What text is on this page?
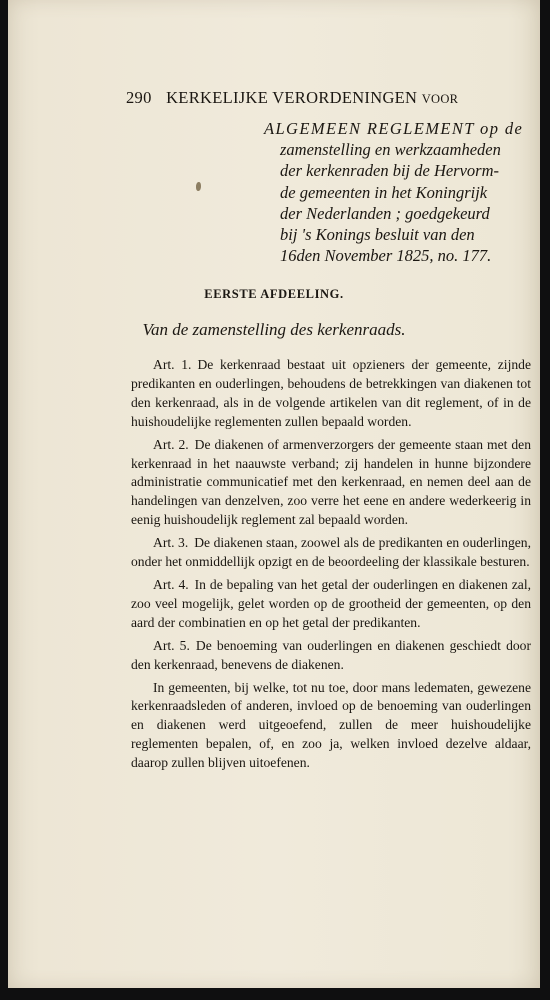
290 KERKELIJKE VERORDENINGEN VOOR
ALGEMEEN REGLEMENT op de
zamenstelling en werkzaamheden
der kerkenraden bij de Hervorm-
de gemeenten in het Koningrijk
der Nederlanden ; goedgekeurd
bij 's Konings besluit van den
16den November 1825, no. 177.
EERSTE AFDEELING.
Van de zamenstelling des kerkenraads.

Art. 1. De kerkenraad bestaat uit opzieners der gemeente, zijnde predikanten en ouderlingen, behoudens de betrekkingen van diakenen tot den kerkenraad, als in de volgende artikelen van dit reglement, of in de huishoudelijke reglementen zullen bepaald worden.

Art. 2. De diakenen of armenverzorgers der gemeente staan met den kerkenraad in het naauwste verband; zij handelen in hunne bijzondere administratie communicatief met den kerkenraad, en nemen deel aan de handelingen van denzelven, zoo verre het eene en andere wederkeerig in eenig huishoudelijk reglement zal bepaald worden.

Art. 3. De diakenen staan, zoowel als de predikanten en ouderlingen, onder het onmiddellijk opzigt en de beoordeeling der klassikale besturen.

Art. 4. In de bepaling van het getal der ouderlingen en diakenen zal, zoo veel mogelijk, gelet worden op de grootheid der gemeenten, op den aard der combinatien en op het getal der predikanten.

Art. 5. De benoeming van ouderlingen en diakenen geschiedt door den kerkenraad, benevens de diakenen.

In gemeenten, bij welke, tot nu toe, door mans ledematen, gewezene kerkenraadsleden of anderen, invloed op de benoeming van ouderlingen en diakenen werd uitgeoefend, zullen de meer huishoudelijke reglementen bepalen, of, en zoo ja, welken invloed dezelve aldaar, daarop zullen blijven uitoefenen.
